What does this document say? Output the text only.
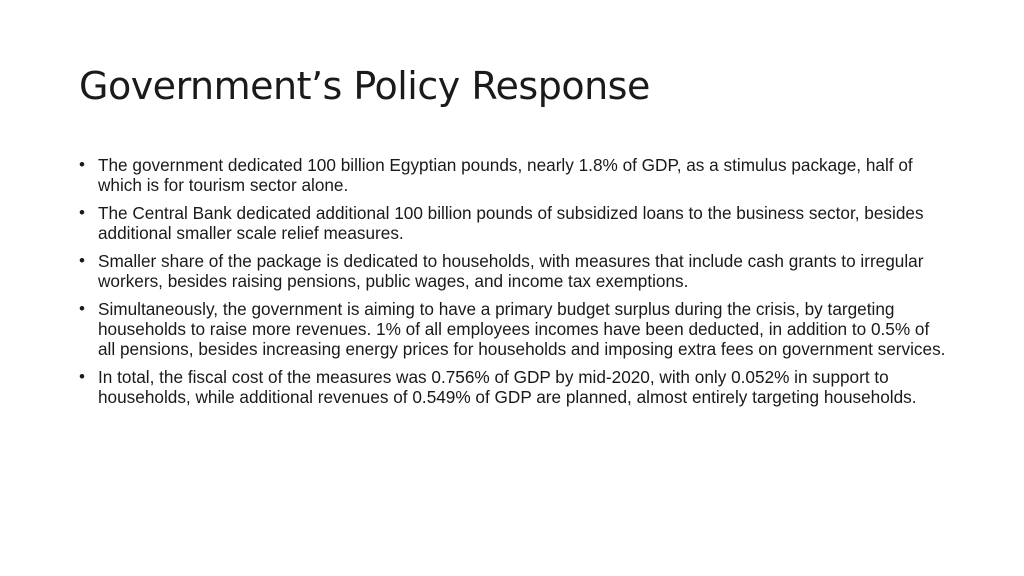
Government’s Policy Response
• The government dedicated 100 billion Egyptian pounds, nearly 1.8% of GDP, as a stimulus package, half of which is for tourism sector alone.
• The Central Bank dedicated additional 100 billion pounds of subsidized loans to the business sector, besides additional smaller scale relief measures.
• Smaller share of the package is dedicated to households, with measures that include cash grants to irregular workers, besides raising pensions, public wages, and income tax exemptions.
• Simultaneously, the government is aiming to have a primary budget surplus during the crisis, by targeting households to raise more revenues. 1% of all employees incomes have been deducted, in addition to 0.5% of all pensions, besides increasing energy prices for households and imposing extra fees on government services.
• In total, the fiscal cost of the measures was 0.756% of GDP by mid-2020, with only 0.052% in support to households, while additional revenues of 0.549% of GDP are planned, almost entirely targeting households.
